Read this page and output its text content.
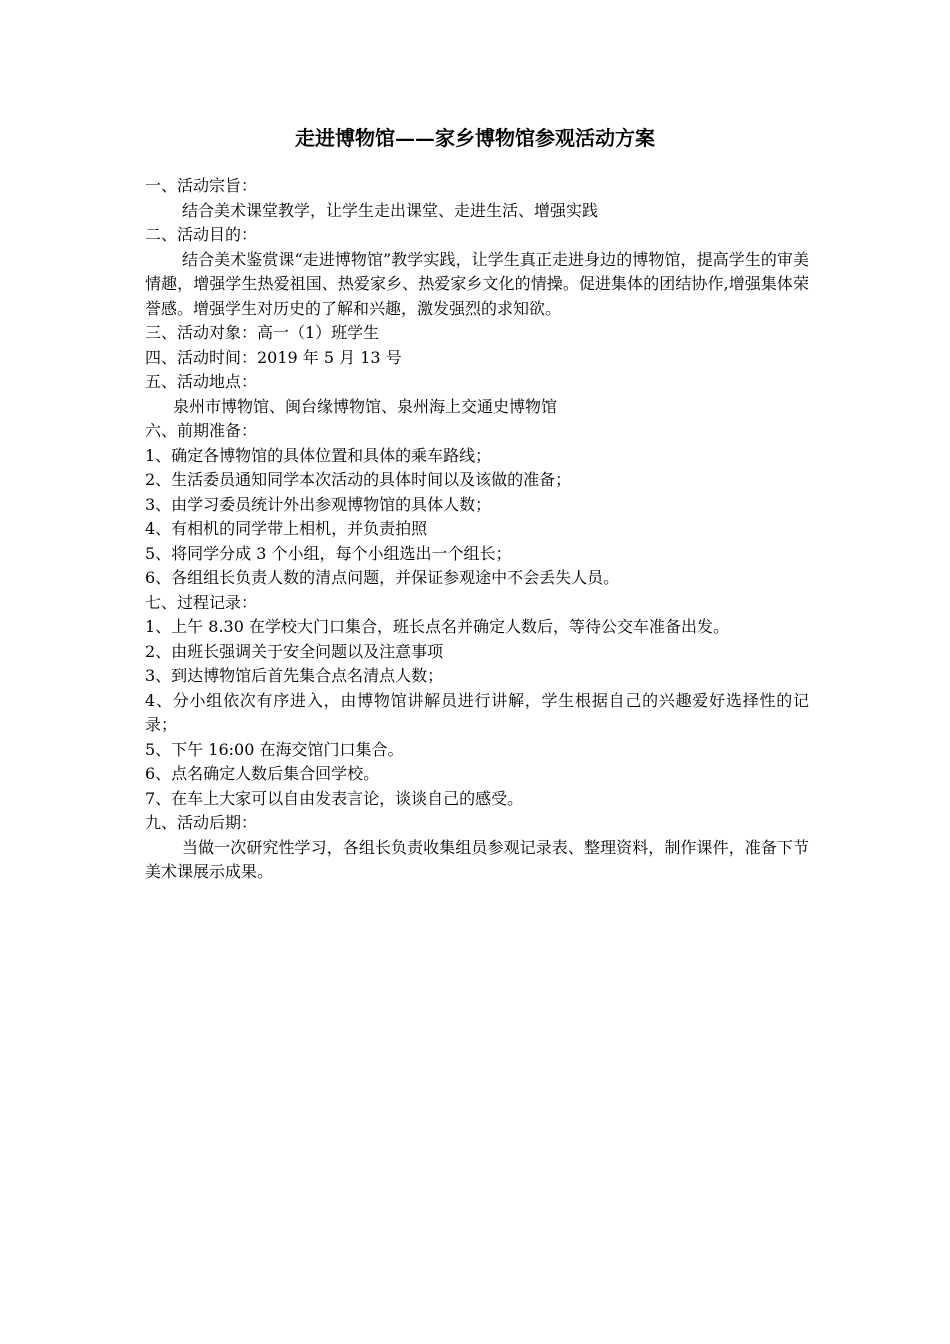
走进博物馆——家乡博物馆参观活动方案

一、活动宗旨：

结合美术课堂教学，让学生走出课堂、走进生活、增强实践

二、活动目的：

结合美术鉴赏课“走进博物馆”教学实践，让学生真正走进身边的博物馆，提高学生的审美情趣，增强学生热爱祖国、热爱家乡、热爱家乡文化的情操。促进集体的团结协作,增强集体荣誉感。增强学生对历史的了解和兴趣，激发强烈的求知欲。

三、活动对象：高一（1）班学生

四、活动时间：2019 年 5 月 13 号

五、活动地点：

泉州市博物馆、闽台缘博物馆、泉州海上交通史博物馆

六、前期准备：

1、确定各博物馆的具体位置和具体的乘车路线；

2、生活委员通知同学本次活动的具体时间以及该做的准备；

3、由学习委员统计外出参观博物馆的具体人数；

4、有相机的同学带上相机，并负责拍照

5、将同学分成 3 个小组，每个小组选出一个组长；

6、各组组长负责人数的清点问题，并保证参观途中不会丢失人员。

七、过程记录：

1、上午 8.30 在学校大门口集合，班长点名并确定人数后，等待公交车准备出发。

2、由班长强调关于安全问题以及注意事项

3、到达博物馆后首先集合点名清点人数；

4、分小组依次有序进入，由博物馆讲解员进行讲解，学生根据自己的兴趣爱好选择性的记录；

5、下午 16:00 在海交馆门口集合。

6、点名确定人数后集合回学校。

7、在车上大家可以自由发表言论，谈谈自己的感受。

九、活动后期：

当做一次研究性学习，各组长负责收集组员参观记录表、整理资料，制作课件，准备下节美术课展示成果。
